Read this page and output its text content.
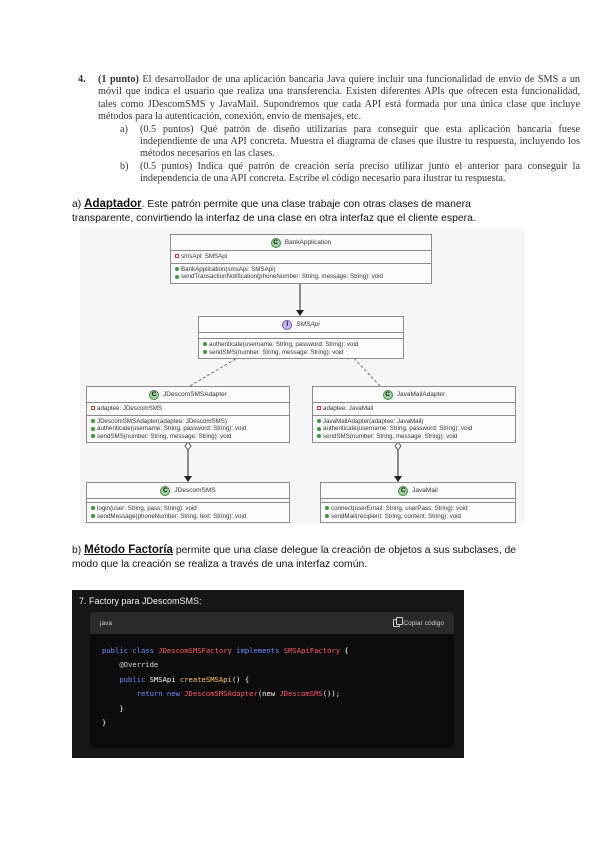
4.	(1 punto) El desarrollador de una aplicación bancaria Java quiere incluir una funcionalidad de envío de SMS a un móvil que indica el usuario que realiza una transferencia. Existen diferentes APIs que ofrecen esta funcionalidad, tales como JDescomSMS y JavaMail. Supondremos que cada API está formada por una única clase que incluye métodos para la autenticación, conexión, envío de mensajes, etc.
a)	(0.5 puntos) Qué patrón de diseño utilizarías para conseguir que esta aplicación bancaria fuese independiente de una API concreta. Muestra el diagrama de clases que ilustre tu respuesta, incluyendo los métodos necesarios en las clases.
b)	(0.5 puntos) Indica qué patrón de creación sería preciso utilizar junto el anterior para conseguir la independencia de una API concreta. Escribe el código necesario para ilustrar tu respuesta.
a) Adaptador. Este patrón permite que una clase trabaje con otras clases de manera transparente, convirtiendo la interfaz de una clase en otra interfaz que el cliente espera.
C	BankApplication
smsApi: SMSApi
BankApplication(smsApi: SMSApi)
sendTransactionNotification(phoneNumber: String, message: String): void
I	SMSApi
authenticate(username: String, password: String): void
sendSMS(number: String, message: String): void
C	JDescomSMSAdapter
adaptee: JDescomSMS
JDescomSMSAdapter(adaptee: JDescomSMS)
authenticate(username: String, password: String): void
sendSMS(number: String, message: String): void
C	JavaMailAdapter
adaptee: JavaMail
JavaMailAdapter(adaptee: JavaMail)
authenticate(username: String, password: String): void
sendSMS(number: String, message: String): void
C	JDescomSMS
login(user: String, pass: String): void
sendMessage(phoneNumber: String, text: String): void
C	JavaMail
connect(userEmail: String, userPass: String): void
sendMail(recipient: String, content: String): void
b) Método Factoría permite que una clase delegue la creación de objetos a sus subclases, de modo que la creación se realiza a través de una interfaz común.
7. Factory para JDescomSMS:
java	Copiar código
public class JDescomSMSFactory implements SMSApiFactory {
@Override
public SMSApi createSMSApi() {
return new JDescomSMSAdapter(new JDescomSMS());
}
}
